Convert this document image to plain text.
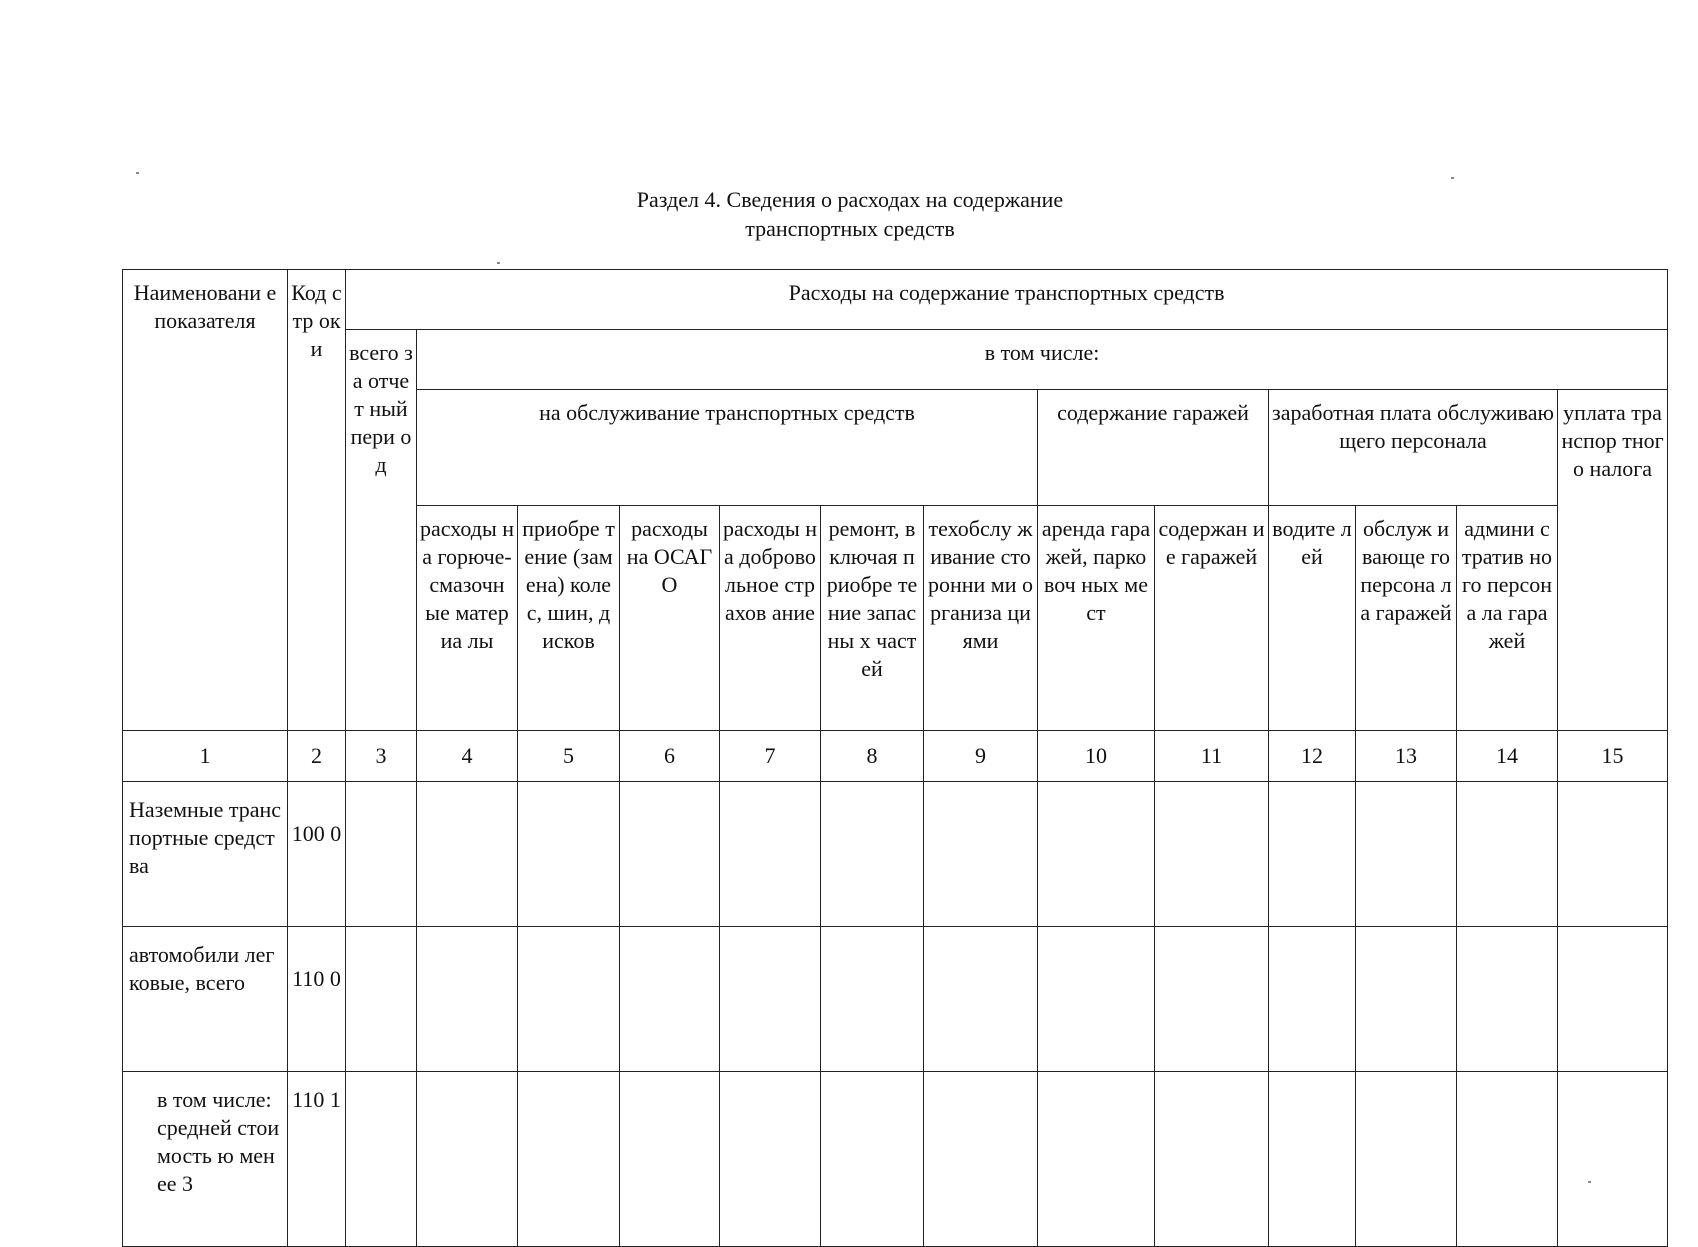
Раздел 4. Сведения о расходах на содержание
транспортных средств
Наименовани е показателя	Код стр оки	Расходы на содержание транспортных средств												
		всего за отчет ный пери од	в том числе:											
			на обслуживание транспортных средств						содержание гаражей		заработная плата обслуживающего персонала			уплата транспор тного налога
			расходы на горюче- смазочн ые материа лы	приобре тение (замена) колес, шин, дисков	расходы на ОСАГО	расходы на доброво льное страхов ание	ремонт, включая приобре тение запасны х частей	техобслу живание сторонни ми организа циями	аренда гаражей, парковоч ных мест	содержан ие гаражей	водите лей	обслуж ивающе го персона ла гаражей	админи стратив ного персона ла гаражей	
1	2	3	4	5	6	7	8	9	10	11	12	13	14	15
Наземные транспортные средства	100 0													
автомобили легковые, всего	110 0													
в том числе: средней стоимость ю менее 3	110 1													
